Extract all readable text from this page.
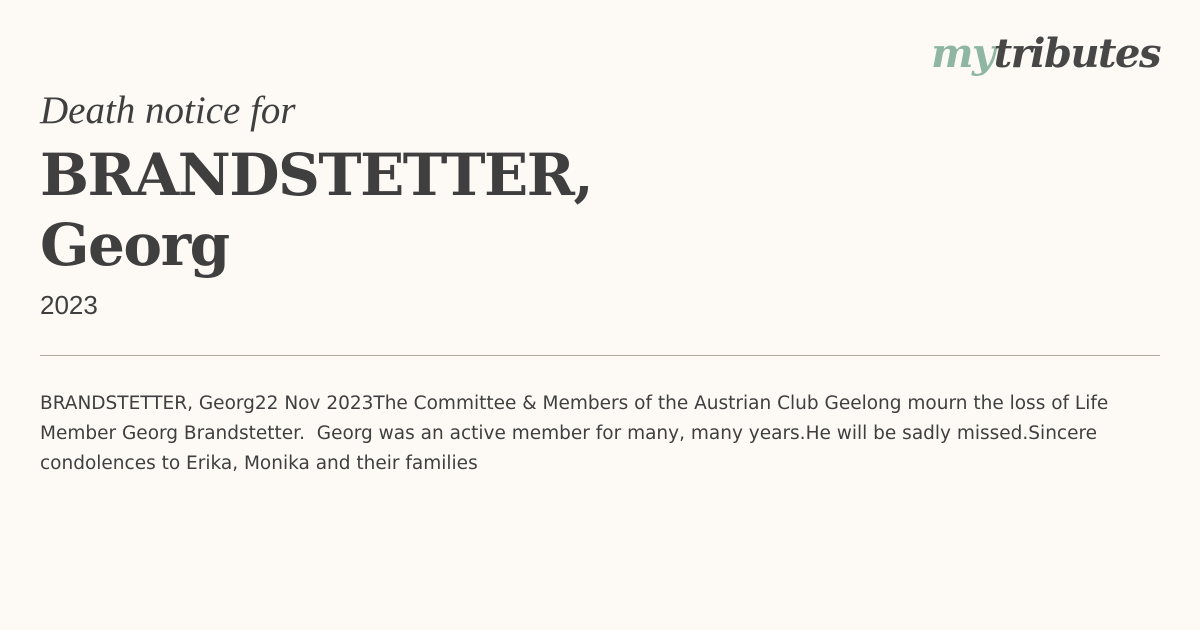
mytributes

Death notice for

BRANDSTETTER,
Georg

2023

BRANDSTETTER, Georg22 Nov 2023The Committee & Members of the Austrian Club Geelong mourn the loss of Life Member Georg Brandstetter.  Georg was an active member for many, many years.He will be sadly missed.Sincere condolences to Erika, Monika and their families
